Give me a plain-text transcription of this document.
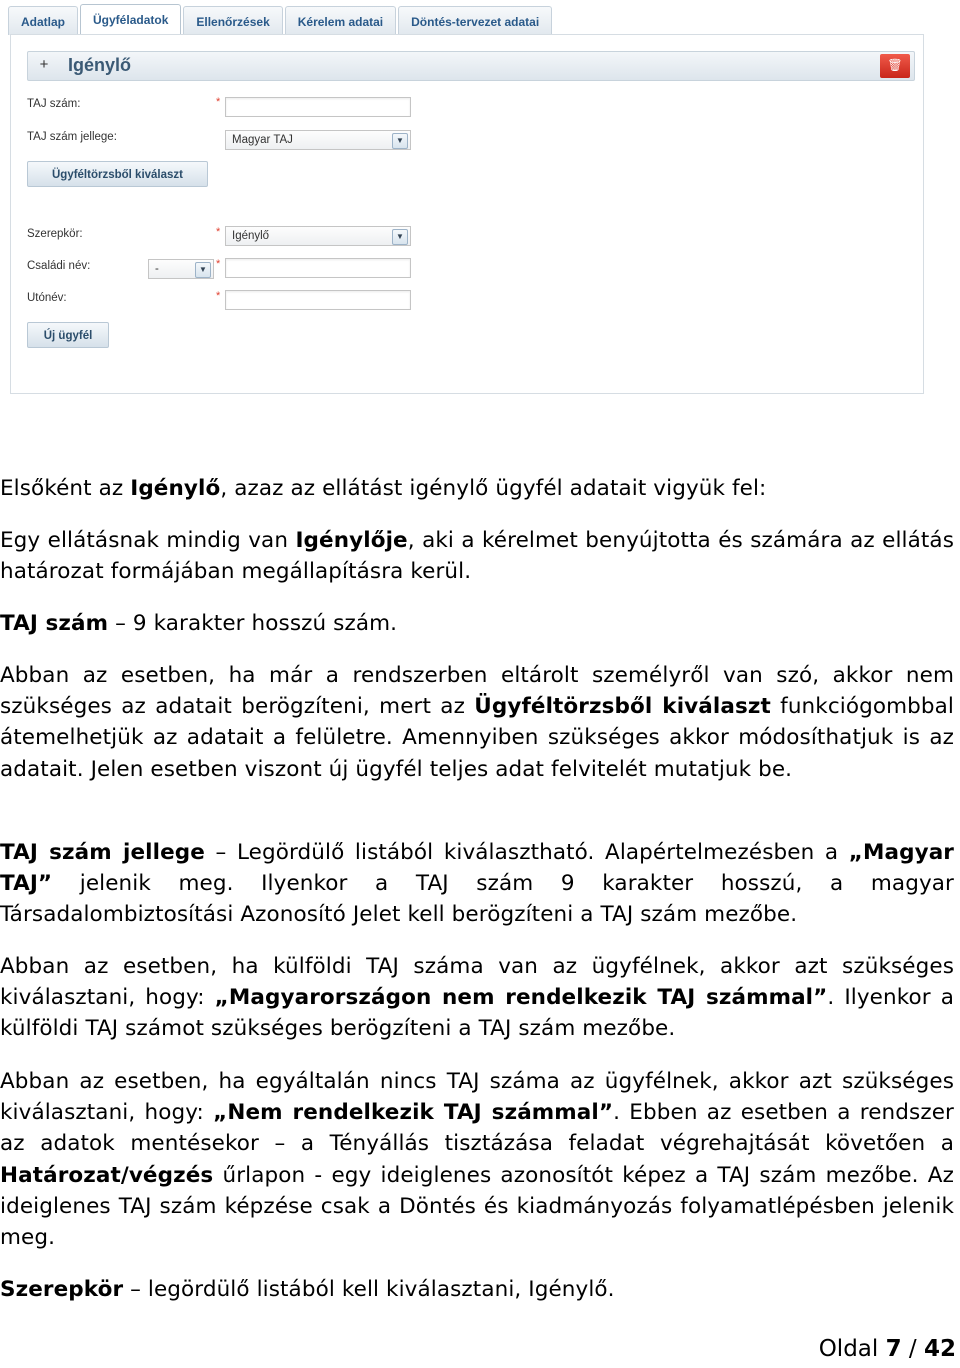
Adatlap	Ügyféladatok	Ellenőrzések	Kérelem adatai	Döntés-tervezet adatai
+ Igénylő	🗑
TAJ szám:	*
TAJ szám jellege:	Magyar TAJ	▼
Ügyféltörzsből kiválaszt
Szerepkör:	*	Igénylő	▼
Családi név:	-	▼ *
Utónév:	*
Új ügyfél
Elsőként az Igénylő, azaz az ellátást igénylő ügyfél adatait vigyük fel:
Egy ellátásnak mindig van Igénylője, aki a kérelmet benyújtotta és számára az ellátás határozat formájában megállapításra kerül.
TAJ szám – 9 karakter hosszú szám.
Abban az esetben, ha már a rendszerben eltárolt személyről van szó, akkor nem szükséges az adatait berögzíteni, mert az Ügyféltörzsből kiválaszt funkciógombbal átemelhetjük az adatait a felületre. Amennyiben szükséges akkor módosíthatjuk is az adatait. Jelen esetben viszont új ügyfél teljes adat felvitelét mutatjuk be.
TAJ szám jellege – Legördülő listából kiválasztható. Alapértelmezésben a „Magyar TAJ” jelenik meg. Ilyenkor a TAJ szám 9 karakter hosszú, a magyar Társadalombiztosítási Azonosító Jelet kell berögzíteni a TAJ szám mezőbe.
Abban az esetben, ha külföldi TAJ száma van az ügyfélnek, akkor azt szükséges kiválasztani, hogy: „Magyarországon nem rendelkezik TAJ számmal”. Ilyenkor a külföldi TAJ számot szükséges berögzíteni a TAJ szám mezőbe.
Abban az esetben, ha egyáltalán nincs TAJ száma az ügyfélnek, akkor azt szükséges kiválasztani, hogy: „Nem rendelkezik TAJ számmal”. Ebben az esetben a rendszer az adatok mentésekor – a Tényállás tisztázása feladat végrehajtását követően a Határozat/végzés űrlapon - egy ideiglenes azonosítót képez a TAJ szám mezőbe. Az ideiglenes TAJ szám képzése csak a Döntés és kiadmányozás folyamatlépésben jelenik meg.
Szerepkör – legördülő listából kell kiválasztani, Igénylő.
Oldal 7 / 42
